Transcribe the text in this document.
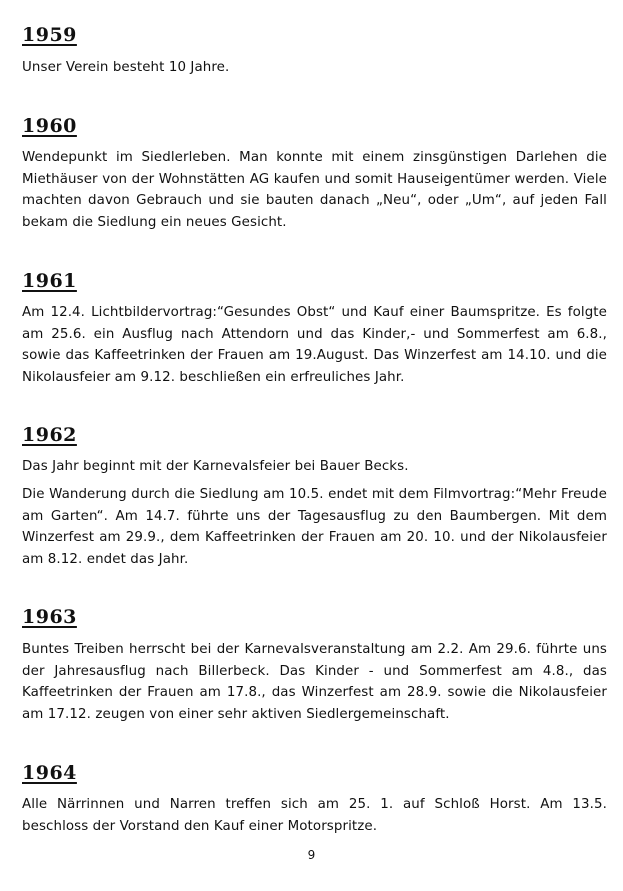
1959

Unser Verein besteht 10 Jahre.

1960

Wendepunkt im Siedlerleben. Man konnte mit einem zinsgünstigen Darlehen die Miethäuser von der Wohnstätten AG kaufen und somit Hauseigentümer werden. Viele machten davon Gebrauch und sie bauten danach „Neu“, oder „Um“, auf jeden Fall bekam die Siedlung ein neues Gesicht.

1961

Am 12.4. Lichtbildervortrag:“Gesundes Obst“ und Kauf einer Baumspritze. Es folgte am 25.6. ein Ausflug nach Attendorn und das Kinder,- und Sommerfest am 6.8., sowie das Kaffeetrinken der Frauen am 19.August. Das Winzerfest am 14.10. und die Nikolausfeier am 9.12. beschließen ein erfreuliches Jahr.

1962

Das Jahr beginnt mit der Karnevalsfeier bei Bauer Becks.

Die Wanderung durch die Siedlung am 10.5. endet mit dem Filmvortrag:“Mehr Freude am Garten“. Am 14.7. führte uns der Tagesausflug zu den Baumbergen. Mit dem Winzerfest am 29.9., dem Kaffeetrinken der Frauen am 20. 10. und der Nikolausfeier am 8.12. endet das Jahr.

1963

Buntes Treiben herrscht bei der Karnevalsveranstaltung am 2.2. Am 29.6. führte uns der Jahresausflug nach Billerbeck. Das Kinder - und Sommerfest am 4.8., das Kaffeetrinken der Frauen am 17.8., das Winzerfest am 28.9. sowie die Nikolausfeier am 17.12. zeugen von einer sehr aktiven Siedlergemeinschaft.

1964

Alle Närrinnen und Narren treffen sich am 25. 1. auf Schloß Horst. Am 13.5. beschloss der Vorstand den Kauf einer Motorspritze.

9
